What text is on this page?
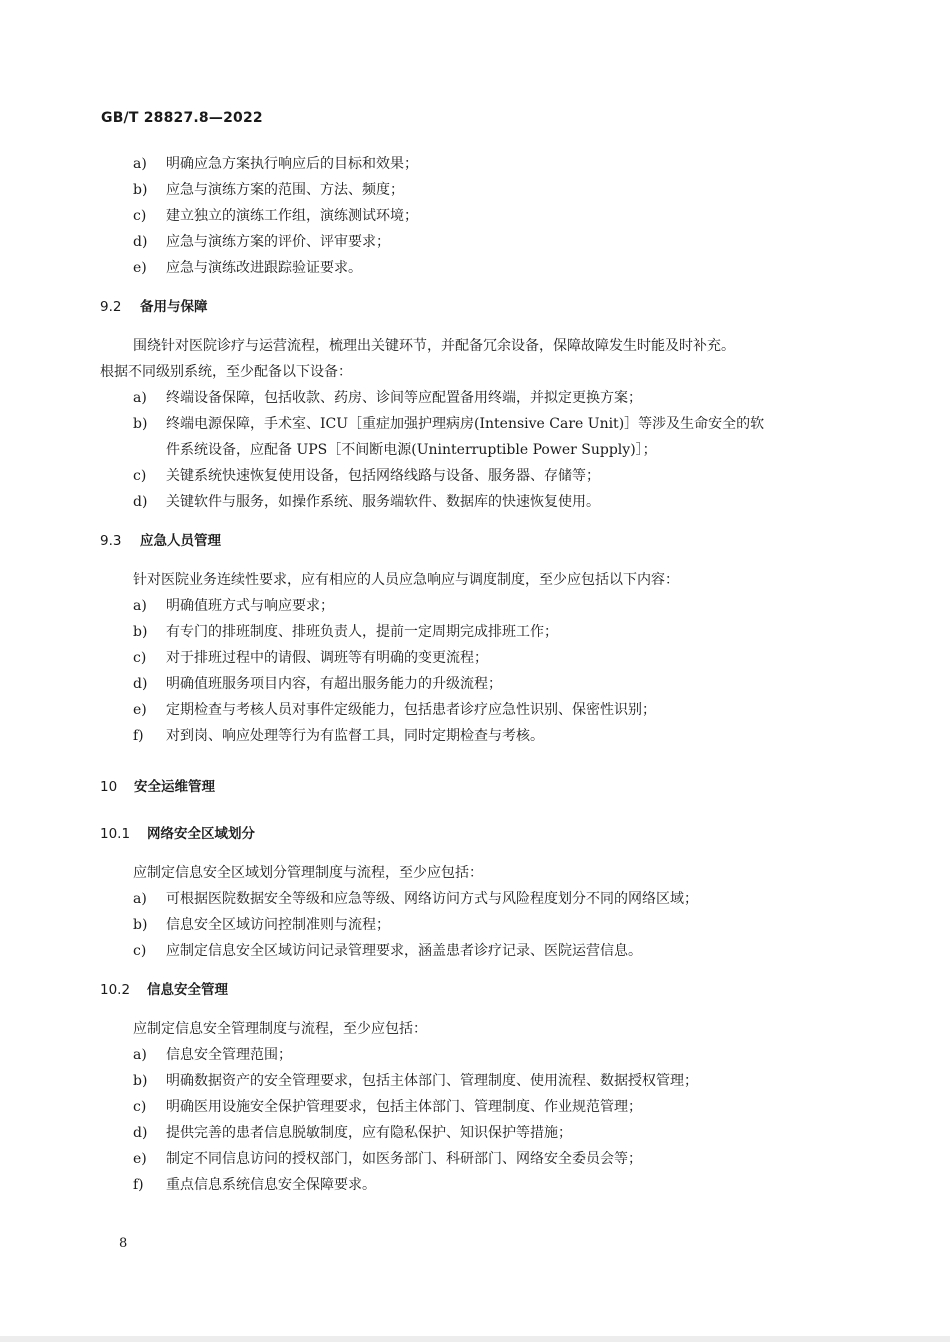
GB/T 28827.8—2022
a) 明确应急方案执行响应后的目标和效果；
b) 应急与演练方案的范围、方法、频度；
c) 建立独立的演练工作组，演练测试环境；
d) 应急与演练方案的评价、评审要求；
e) 应急与演练改进跟踪验证要求。
9.2 备用与保障
围绕针对医院诊疗与运营流程，梳理出关键环节，并配备冗余设备，保障故障发生时能及时补充。
根据不同级别系统，至少配备以下设备：
a) 终端设备保障，包括收款、药房、诊间等应配置备用终端，并拟定更换方案；
b) 终端电源保障，手术室、ICU［重症加强护理病房(Intensive Care Unit)］等涉及生命安全的软
件系统设备，应配备 UPS［不间断电源(Uninterruptible Power Supply)］；
c) 关键系统快速恢复使用设备，包括网络线路与设备、服务器、存储等；
d) 关键软件与服务，如操作系统、服务端软件、数据库的快速恢复使用。
9.3 应急人员管理
针对医院业务连续性要求，应有相应的人员应急响应与调度制度，至少应包括以下内容：
a) 明确值班方式与响应要求；
b) 有专门的排班制度、排班负责人，提前一定周期完成排班工作；
c) 对于排班过程中的请假、调班等有明确的变更流程；
d) 明确值班服务项目内容，有超出服务能力的升级流程；
e) 定期检查与考核人员对事件定级能力，包括患者诊疗应急性识别、保密性识别；
f) 对到岗、响应处理等行为有监督工具，同时定期检查与考核。
10 安全运维管理
10.1 网络安全区域划分
应制定信息安全区域划分管理制度与流程，至少应包括：
a) 可根据医院数据安全等级和应急等级、网络访问方式与风险程度划分不同的网络区域；
b) 信息安全区域访问控制准则与流程；
c) 应制定信息安全区域访问记录管理要求，涵盖患者诊疗记录、医院运营信息。
10.2 信息安全管理
应制定信息安全管理制度与流程，至少应包括：
a) 信息安全管理范围；
b) 明确数据资产的安全管理要求，包括主体部门、管理制度、使用流程、数据授权管理；
c) 明确医用设施安全保护管理要求，包括主体部门、管理制度、作业规范管理；
d) 提供完善的患者信息脱敏制度，应有隐私保护、知识保护等措施；
e) 制定不同信息访问的授权部门，如医务部门、科研部门、网络安全委员会等；
f) 重点信息系统信息安全保障要求。
8
